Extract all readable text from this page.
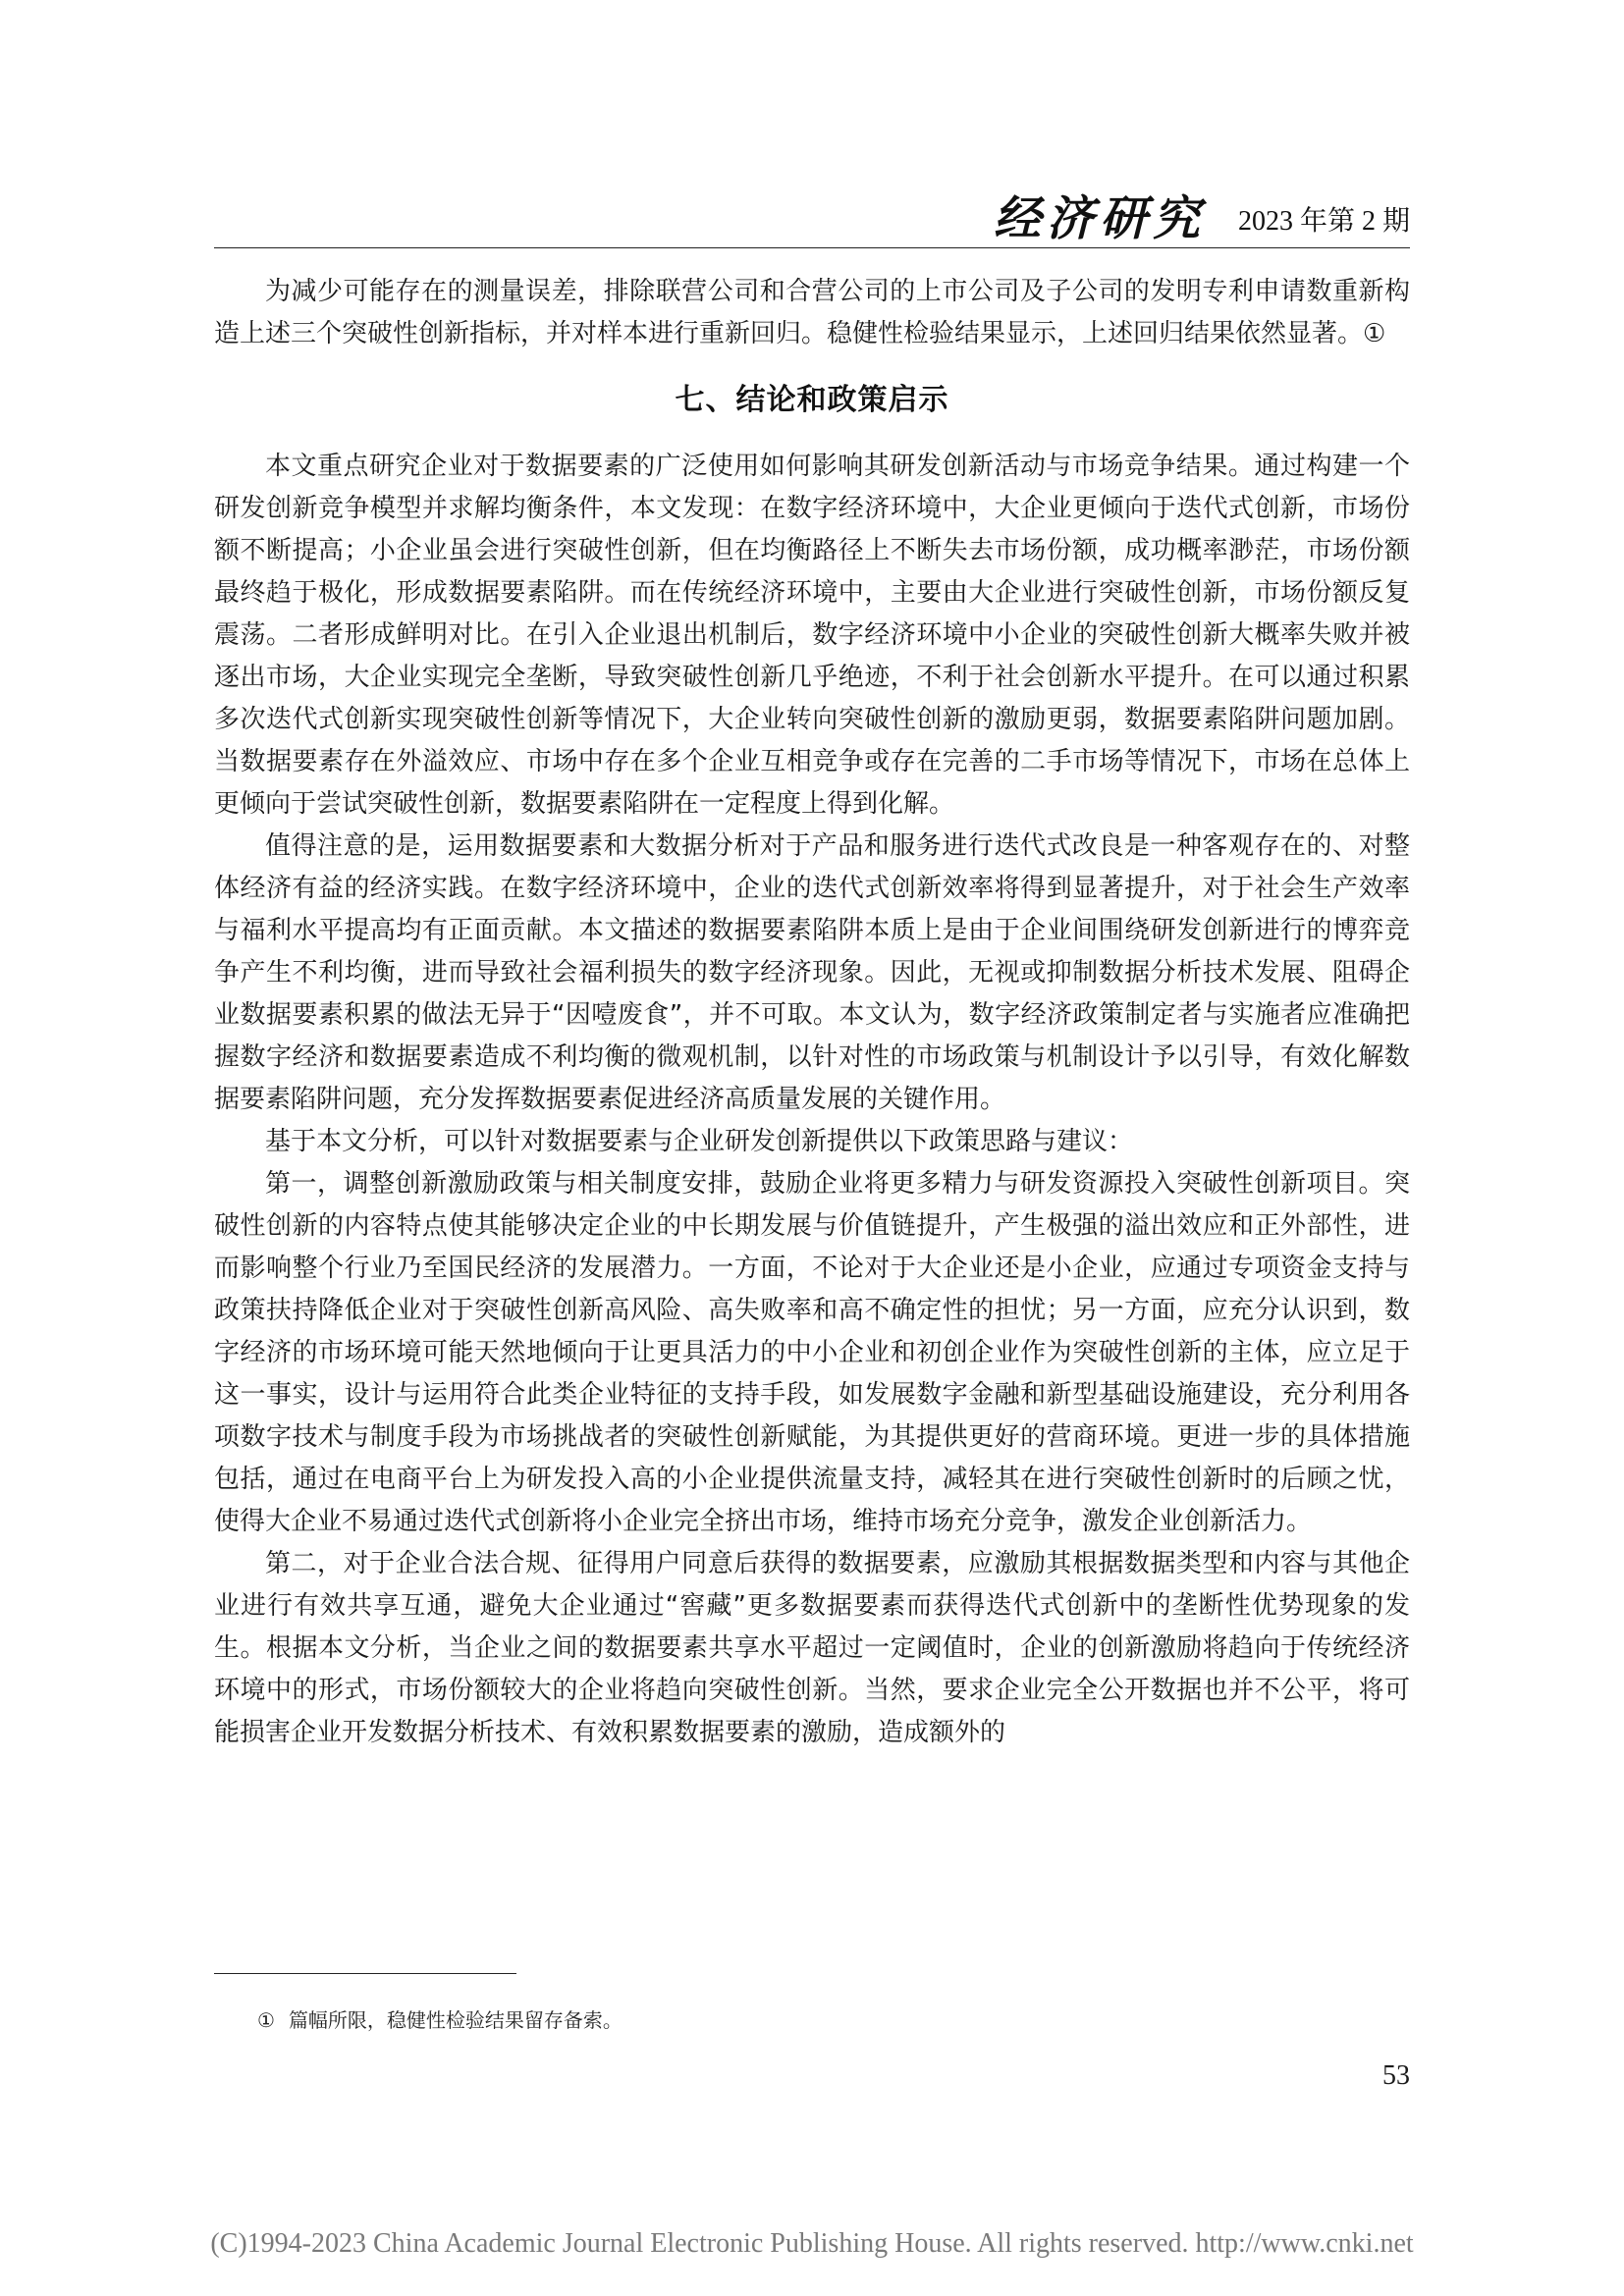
经济研究 2023 年第 2 期

为减少可能存在的测量误差，排除联营公司和合营公司的上市公司及子公司的发明专利申请数重新构造上述三个突破性创新指标，并对样本进行重新回归。稳健性检验结果显示，上述回归结果依然显著。①

七、结论和政策启示

本文重点研究企业对于数据要素的广泛使用如何影响其研发创新活动与市场竞争结果。通过构建一个研发创新竞争模型并求解均衡条件，本文发现：在数字经济环境中，大企业更倾向于迭代式创新，市场份额不断提高；小企业虽会进行突破性创新，但在均衡路径上不断失去市场份额，成功概率渺茫，市场份额最终趋于极化，形成数据要素陷阱。而在传统经济环境中，主要由大企业进行突破性创新，市场份额反复震荡。二者形成鲜明对比。在引入企业退出机制后，数字经济环境中小企业的突破性创新大概率失败并被逐出市场，大企业实现完全垄断，导致突破性创新几乎绝迹，不利于社会创新水平提升。在可以通过积累多次迭代式创新实现突破性创新等情况下，大企业转向突破性创新的激励更弱，数据要素陷阱问题加剧。当数据要素存在外溢效应、市场中存在多个企业互相竞争或存在完善的二手市场等情况下，市场在总体上更倾向于尝试突破性创新，数据要素陷阱在一定程度上得到化解。

值得注意的是，运用数据要素和大数据分析对于产品和服务进行迭代式改良是一种客观存在的、对整体经济有益的经济实践。在数字经济环境中，企业的迭代式创新效率将得到显著提升，对于社会生产效率与福利水平提高均有正面贡献。本文描述的数据要素陷阱本质上是由于企业间围绕研发创新进行的博弈竞争产生不利均衡，进而导致社会福利损失的数字经济现象。因此，无视或抑制数据分析技术发展、阻碍企业数据要素积累的做法无异于“因噎废食”，并不可取。本文认为，数字经济政策制定者与实施者应准确把握数字经济和数据要素造成不利均衡的微观机制，以针对性的市场政策与机制设计予以引导，有效化解数据要素陷阱问题，充分发挥数据要素促进经济高质量发展的关键作用。

基于本文分析，可以针对数据要素与企业研发创新提供以下政策思路与建议：

第一，调整创新激励政策与相关制度安排，鼓励企业将更多精力与研发资源投入突破性创新项目。突破性创新的内容特点使其能够决定企业的中长期发展与价值链提升，产生极强的溢出效应和正外部性，进而影响整个行业乃至国民经济的发展潜力。一方面，不论对于大企业还是小企业，应通过专项资金支持与政策扶持降低企业对于突破性创新高风险、高失败率和高不确定性的担忧；另一方面，应充分认识到，数字经济的市场环境可能天然地倾向于让更具活力的中小企业和初创企业作为突破性创新的主体，应立足于这一事实，设计与运用符合此类企业特征的支持手段，如发展数字金融和新型基础设施建设，充分利用各项数字技术与制度手段为市场挑战者的突破性创新赋能，为其提供更好的营商环境。更进一步的具体措施包括，通过在电商平台上为研发投入高的小企业提供流量支持，减轻其在进行突破性创新时的后顾之忧，使得大企业不易通过迭代式创新将小企业完全挤出市场，维持市场充分竞争，激发企业创新活力。

第二，对于企业合法合规、征得用户同意后获得的数据要素，应激励其根据数据类型和内容与其他企业进行有效共享互通，避免大企业通过“窖藏”更多数据要素而获得迭代式创新中的垄断性优势现象的发生。根据本文分析，当企业之间的数据要素共享水平超过一定阈值时，企业的创新激励将趋向于传统经济环境中的形式，市场份额较大的企业将趋向突破性创新。当然，要求企业完全公开数据也并不公平，将可能损害企业开发数据分析技术、有效积累数据要素的激励，造成额外的

① 篇幅所限，稳健性检验结果留存备索。
53
(C)1994-2023 China Academic Journal Electronic Publishing House. All rights reserved. http://www.cnki.net
